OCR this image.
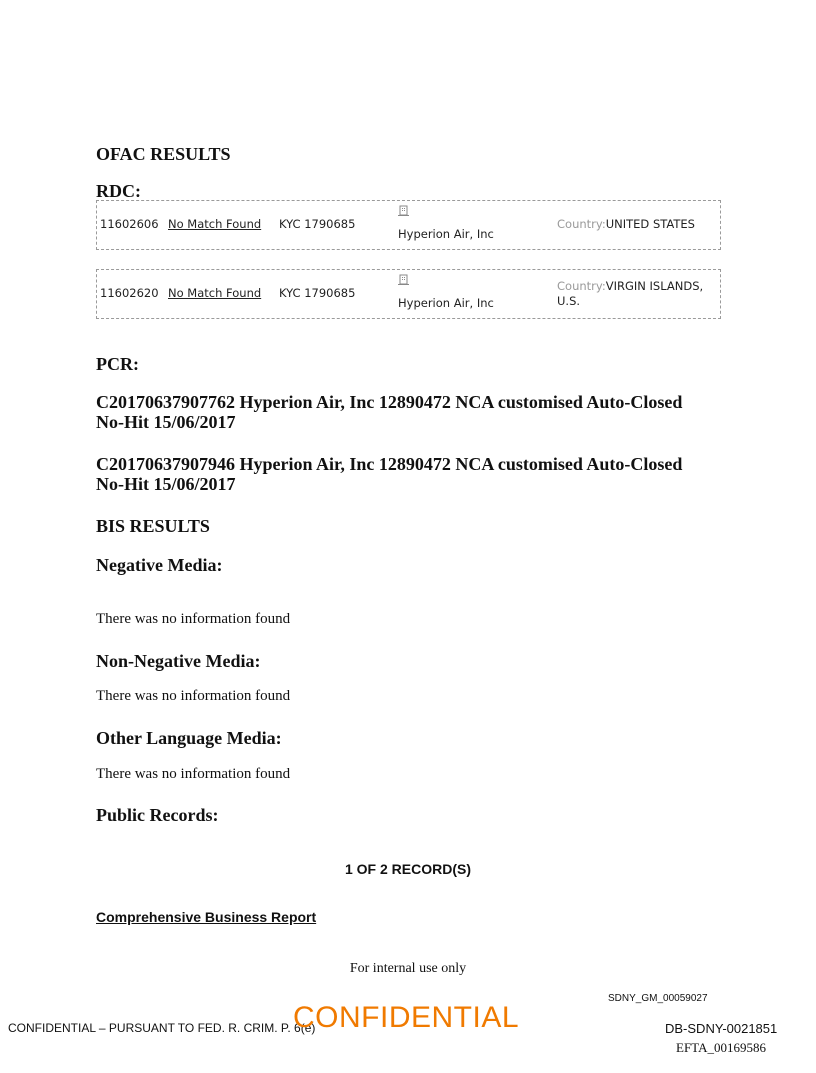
OFAC RESULTS
RDC:
11602606 No Match Found KYC 1790685
Hyperion Air, Inc
Country:UNITED STATES
11602620 No Match Found KYC 1790685
Hyperion Air, Inc
Country:VIRGIN ISLANDS,
U.S.
PCR:
C20170637907762 Hyperion Air, Inc 12890472 NCA customised Auto-Closed
No-Hit 15/06/2017
C20170637907946 Hyperion Air, Inc 12890472 NCA customised Auto-Closed
No-Hit 15/06/2017
BIS RESULTS
Negative Media:
There was no information found
Non-Negative Media:
There was no information found
Other Language Media:
There was no information found
Public Records:
1 OF 2 RECORD(S)
Comprehensive Business Report
For internal use only
SDNY_GM_00059027
CONFIDENTIAL – PURSUANT TO FED. R. CRIM. P. 6(e)
CONFIDENTIAL	DB-SDNY-0021851
EFTA_00169586
